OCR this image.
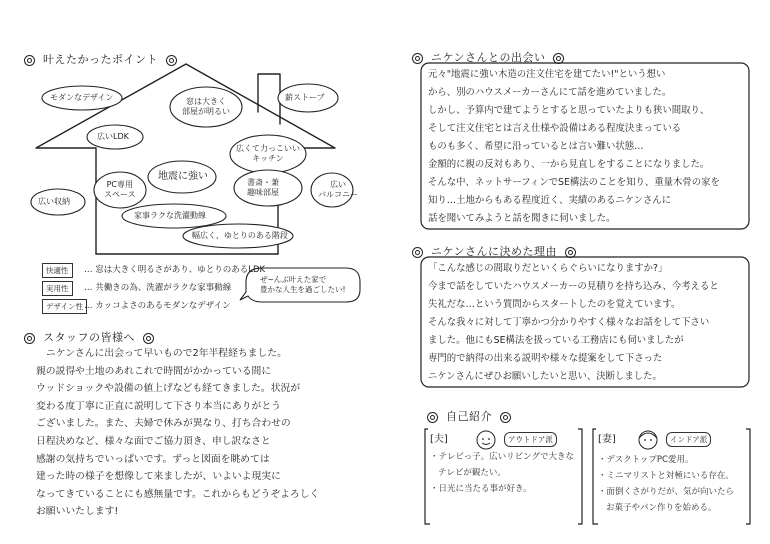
叶えたかったポイント
モダンなデザイン	窓は大きく
部屋が明るい
薪ストーブ
広いLDK
広くて力っこいい
キッチン
PC専用
スペース
地震に強い
書斎・兼
趣味部屋
広い
バルコニー
広い収納
家事ラクな洗濯動線
幅広く、ゆとりのある階段
快適性	… 窓は大きく明るさがあり、ゆとりのあるLDK
実用性	… 共働きの為、洗濯がラクな家事動線
デザイン性 … カッコよさのあるモダンなデザイン
ぜ~んぶ叶えた家で
豊かな人生を過ごしたい!
スタッフの皆様へ
ニケンさんに出会って早いもので2年半程経ちました。
親の説得や土地のあれこれで時間がかかっている間に
ウッドショックや設備の値上げなども経てきました。状況が
変わる度丁寧に正直に説明して下さり本当にありがとう
ございました。また、夫婦で休みが異なり、打ち合わせの
日程決めなど、様々な面でご協力頂き、申し訳なさと
感謝の気持ちでいっぱいです。ずっと図面を眺めては
建った時の様子を想像して来ましたが、いよいよ現実に
なってきていることにも感無量です。これからもどうぞよろしく
お願いいたします!
ニケンさんとの出会い
元々"地震に強い木造の注文住宅を建てたい!"という想い
から、別のハウスメーカーさんにて話を進めていました。
しかし、予算内で建てようとすると思っていたよりも狭い間取り、
そして注文住宅とは言え仕様や設備はある程度決まっている
ものも多く、希望に沿っているとは言い難い状態…
金額的に親の反対もあり、一から見直しをすることになりました。
そんな中、ネットサーフィンでSE構法のことを知り、重量木骨の家を
知り…土地からもある程度近く、実績のあるニケンさんに
話を聞いてみようと話を聞きに伺いました。
ニケンさんに決めた理由
「こんな感じの間取りだといくらぐらいになりますか?」
今まで話をしていたハウスメーカーの見積りを持ち込み、今考えると
失礼だな…という質問からスタートしたのを覚えています。
そんな我々に対して丁寧かつ分かりやすく様々なお話をして下さい
ました。他にもSE構法を扱っている工務店にも伺いましたが
専門的で納得の出来る説明や様々な提案をして下さった
ニケンさんにぜひお願いしたいと思い、決断しました。
自己紹介
[夫]	アウトドア派
・テレビっ子。広いリビングで大きな
テレビが観たい。
・日光に当たる事が好き。
[妻]	インドア派
・デスクトップPC愛用。
・ミニマリストと対極にいる存在。
・面倒くさがりだが、気が向いたら
お菓子やパン作りを始める。
